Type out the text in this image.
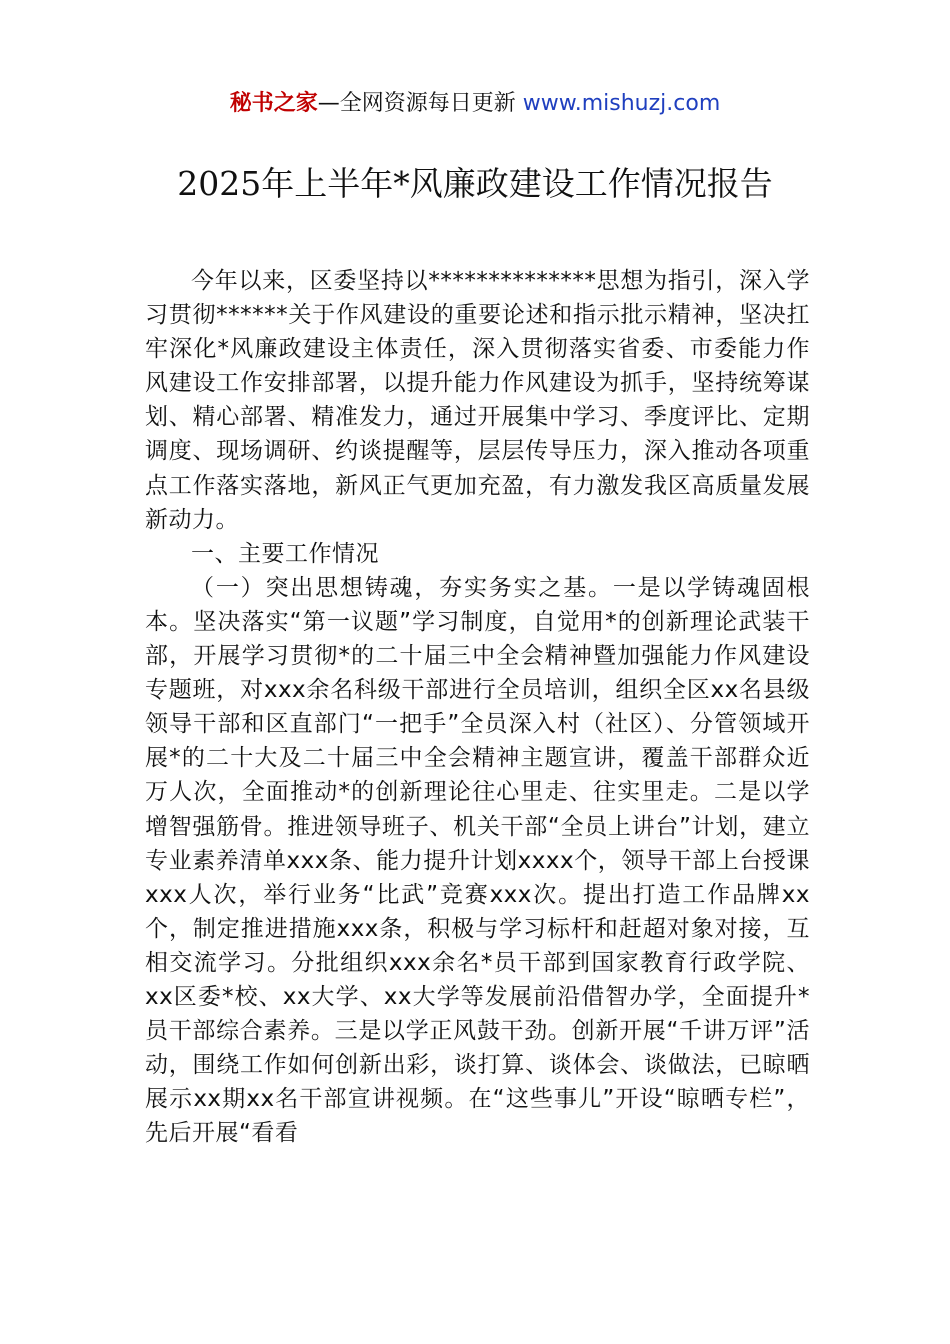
秘书之家—全网资源每日更新 www.mishuzj.com
2025年上半年*风廉政建设工作情况报告

今年以来，区委坚持以**************思想为指引，深入学习贯彻******关于作风建设的重要论述和指示批示精神，坚决扛牢深化*风廉政建设主体责任，深入贯彻落实省委、市委能力作风建设工作安排部署，以提升能力作风建设为抓手，坚持统筹谋划、精心部署、精准发力，通过开展集中学习、季度评比、定期调度、现场调研、约谈提醒等，层层传导压力，深入推动各项重点工作落实落地，新风正气更加充盈，有力激发我区高质量发展新动力。

一、主要工作情况

（一）突出思想铸魂，夯实务实之基。一是以学铸魂固根本。坚决落实“第一议题”学习制度，自觉用*的创新理论武装干部，开展学习贯彻*的二十届三中全会精神暨加强能力作风建设专题班，对xxx余名科级干部进行全员培训，组织全区xx名县级领导干部和区直部门“一把手”全员深入村（社区）、分管领域开展*的二十大及二十届三中全会精神主题宣讲，覆盖干部群众近万人次，全面推动*的创新理论往心里走、往实里走。二是以学增智强筋骨。推进领导班子、机关干部“全员上讲台”计划，建立专业素养清单xxx条、能力提升计划xxxx个，领导干部上台授课xxx人次，举行业务“比武”竞赛xxx次。提出打造工作品牌xx个，制定推进措施xxx条，积极与学习标杆和赶超对象对接，互相交流学习。分批组织xxx余名*员干部到国家教育行政学院、xx区委*校、xx大学、xx大学等发展前沿借智办学，全面提升*员干部综合素养。三是以学正风鼓干劲。创新开展“千讲万评”活动，围绕工作如何创新出彩，谈打算、谈体会、谈做法，已晾晒展示xx期xx名干部宣讲视频。在“这些事儿”开设“晾晒专栏”，先后开展“看看
